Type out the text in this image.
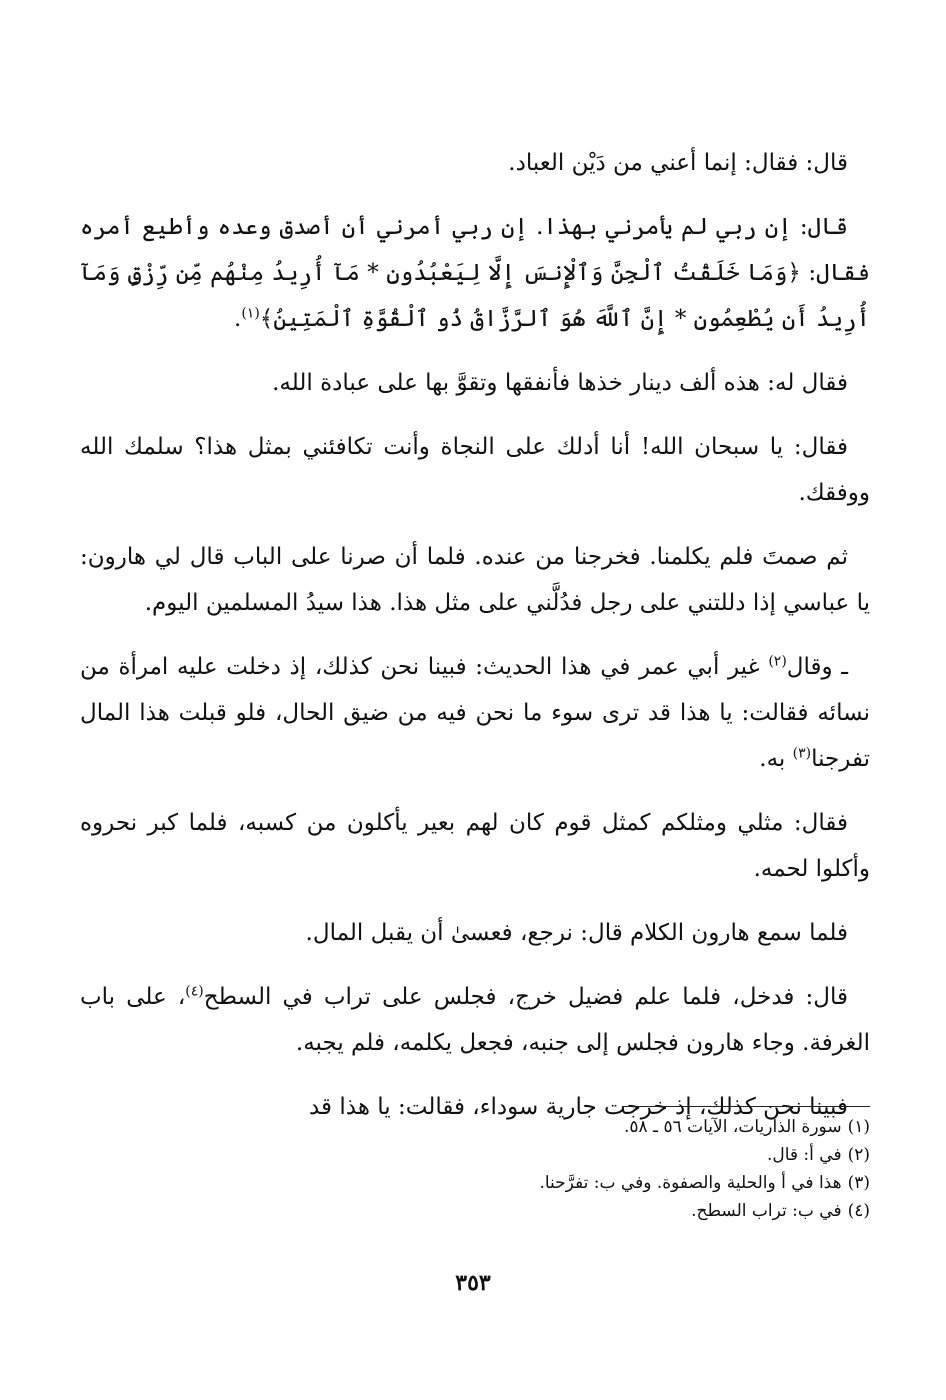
قال: فقال: إنما أعني من دَيْن العباد.

قال: إن ربي لم يأمرني بهذا. إن ربي أمرني أن أصدق وعده وأطيع أمره فقال: ﴿وَمَا خَلَقْتُ ٱلْجِنَّ وَٱلْإِنسَ إِلَّا لِيَعْبُدُونِ * مَآ أُرِيدُ مِنْهُم مِّن رِّزْقٍ وَمَآ أُرِيدُ أَن يُطْعِمُونِ * إِنَّ ٱللَّهَ هُوَ ٱلرَّزَّاقُ ذُو ٱلْقُوَّةِ ٱلْمَتِينُ﴾$^{(١)}$.

فقال له: هذه ألف دينار خذها فأنفقها وتقوَّ بها على عبادة الله.

فقال: يا سبحان الله! أنا أدلك على النجاة وأنت تكافئني بمثل هذا؟ سلمك الله ووفقك.

ثم صمتَ فلم يكلمنا. فخرجنا من عنده. فلما أن صرنا على الباب قال لي هارون: يا عباسي إذا دللتني على رجل فدُلَّني على مثل هذا. هذا سيدُ المسلمين اليوم.

ـ وقال$^{(٢)}$ غير أبي عمر في هذا الحديث: فبينا نحن كذلك، إذ دخلت عليه امرأة من نسائه فقالت: يا هذا قد ترى سوء ما نحن فيه من ضيق الحال، فلو قبلت هذا المال تفرجنا$^{(٣)}$ به.

فقال: مثلي ومثلكم كمثل قوم كان لهم بعير يأكلون من كسبه، فلما كبر نحروه وأكلوا لحمه.

فلما سمع هارون الكلام قال: نرجع، فعسىٰ أن يقبل المال.

قال: فدخل، فلما علم فضيل خرج، فجلس على تراب في السطح$^{(٤)}$، على باب الغرفة. وجاء هارون فجلس إلى جنبه، فجعل يكلمه، فلم يجبه.

فبينا نحن كذلك، إذ خرجت جارية سوداء، فقالت: يا هذا قد

(١)سورة الذاريات، الآيات ٥٦ ـ ٥٨.

(٢)في أ: قال.

(٣)هذا في أ والحلية والصفوة. وفي ب: تفرَّحنا.

(٤)في ب: تراب السطح.

٣٥٣
